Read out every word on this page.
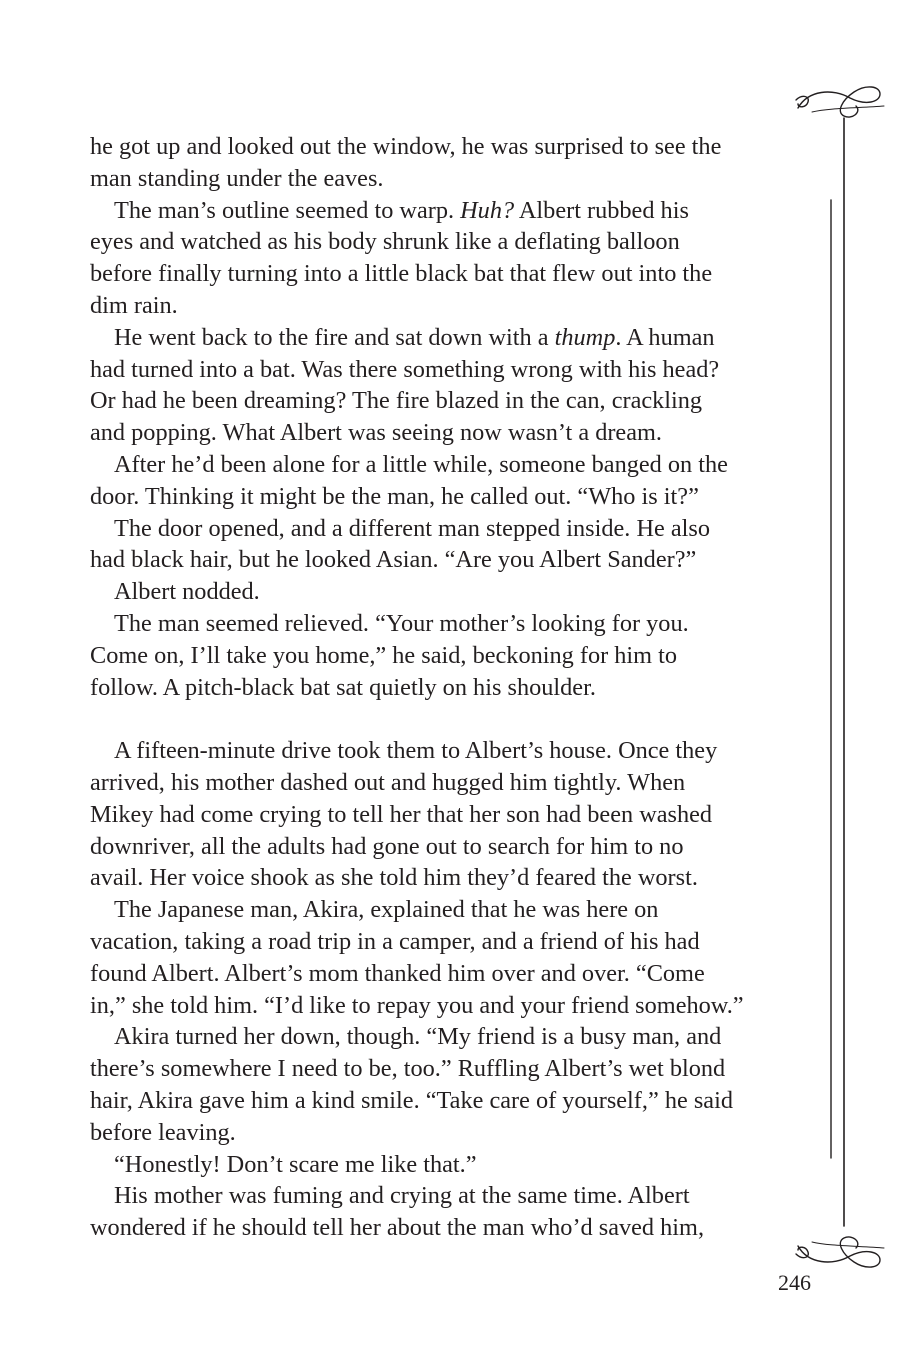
he got up and looked out the window, he was surprised to see the
man standing under the eaves.

The man’s outline seemed to warp. Huh? Albert rubbed his
eyes and watched as his body shrunk like a deflating balloon
before finally turning into a little black bat that flew out into the
dim rain.

He went back to the fire and sat down with a thump. A human
had turned into a bat. Was there something wrong with his head?
Or had he been dreaming? The fire blazed in the can, crackling
and popping. What Albert was seeing now wasn’t a dream.

After he’d been alone for a little while, someone banged on the
door. Thinking it might be the man, he called out. “Who is it?”

The door opened, and a different man stepped inside. He also
had black hair, but he looked Asian. “Are you Albert Sander?”

Albert nodded.

The man seemed relieved. “Your mother’s looking for you.
Come on, I’ll take you home,” he said, beckoning for him to
follow. A pitch-black bat sat quietly on his shoulder.

A fifteen-minute drive took them to Albert’s house. Once they
arrived, his mother dashed out and hugged him tightly. When
Mikey had come crying to tell her that her son had been washed
downriver, all the adults had gone out to search for him to no
avail. Her voice shook as she told him they’d feared the worst.

The Japanese man, Akira, explained that he was here on
vacation, taking a road trip in a camper, and a friend of his had
found Albert. Albert’s mom thanked him over and over. “Come
in,” she told him. “I’d like to repay you and your friend somehow.”

Akira turned her down, though. “My friend is a busy man, and
there’s somewhere I need to be, too.” Ruffling Albert’s wet blond
hair, Akira gave him a kind smile. “Take care of yourself,” he said
before leaving.

“Honestly! Don’t scare me like that.”

His mother was fuming and crying at the same time. Albert
wondered if he should tell her about the man who’d saved him,

246
